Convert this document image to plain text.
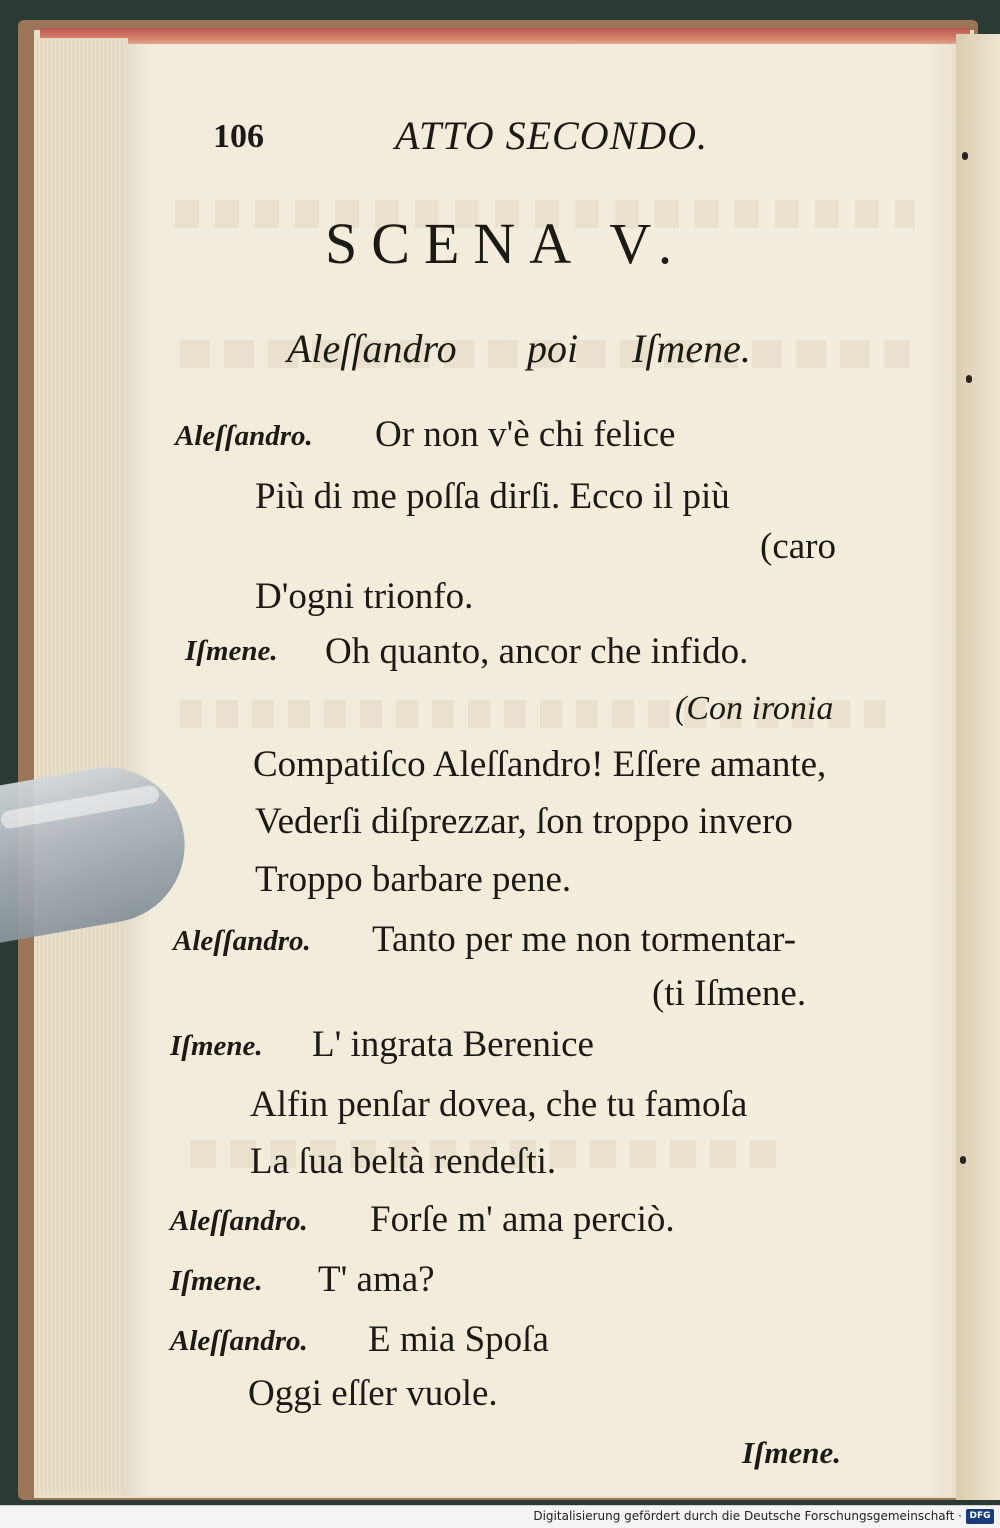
106	ATTO SECONDO.
SCENA V.
Aleſſandro poi Iſmene.
Aleſſandro. Or non v'è chi felice
Più di me poſſa dirſi. Ecco il più
(caro
D'ogni trionfo.
Iſmene. Oh quanto, ancor che infido.
(Con ironia
Compatiſco Aleſſandro! Eſſere amante,
Vederſi diſprezzar, ſon troppo invero
Troppo barbare pene.
Aleſſandro. Tanto per me non tormentar-
(ti Iſmene.
Iſmene. L' ingrata Berenice
Alfin penſar dovea, che tu famoſa
La ſua beltà rendeſti.
Aleſſandro. Forſe m' ama perciò.
Iſmene. T' ama?
Aleſſandro. E mia Spoſa
Oggi eſſer vuole.
Iſmene.
Digitalisierung gefördert durch die Deutsche Forschungsgemeinschaft · DFG
